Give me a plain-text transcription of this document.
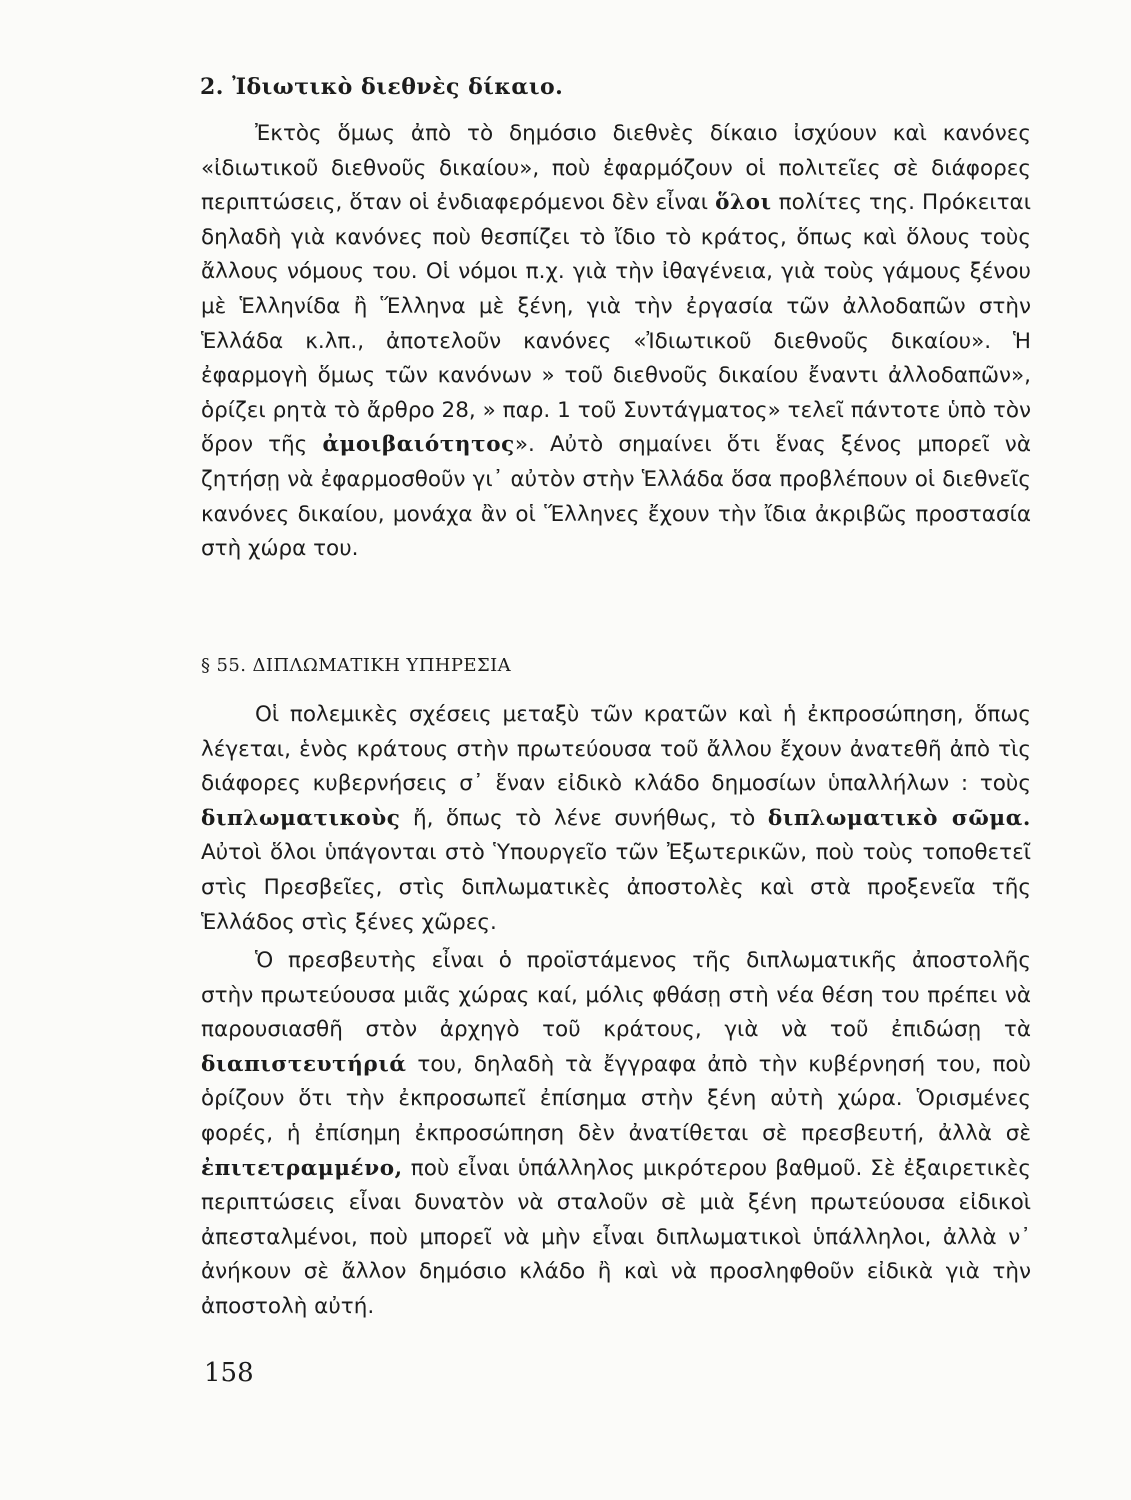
2. Ἰδιωτικὸ διεθνὲς δίκαιο.

Ἐκτὸς ὅμως ἀπὸ τὸ δημόσιο διεθνὲς δίκαιο ἰσχύουν καὶ κανόνες «ἰδιωτικοῦ διεθνοῦς δικαίου», ποὺ ἐφαρμόζουν οἱ πολιτεῖες σὲ διάφορες περιπτώσεις, ὅταν οἱ ἐνδιαφερόμενοι δὲν εἶναι ὅλοι πολίτες της. Πρόκειται δηλαδὴ γιὰ κανόνες ποὺ θεσπίζει τὸ ἴδιο τὸ κράτος, ὅπως καὶ ὅλους τοὺς ἄλλους νόμους του. Οἱ νόμοι π.χ. γιὰ τὴν ἰθαγένεια, γιὰ τοὺς γάμους ξένου μὲ Ἑλληνίδα ἢ Ἕλληνα μὲ ξένη, γιὰ τὴν ἐργασία τῶν ἀλλοδαπῶν στὴν Ἑλλάδα κ.λπ., ἀποτελοῦν κανόνες «Ἰδιωτικοῦ διεθνοῦς δικαίου». Ἡ ἐφαρμογὴ ὅμως τῶν κανόνων » τοῦ διεθνοῦς δικαίου ἔναντι ἀλλοδαπῶν», ὁρίζει ρητὰ τὸ ἄρθρο 28, » παρ. 1 τοῦ Συντάγματος» τελεῖ πάντοτε ὑπὸ τὸν ὅρον τῆς ἀμοιβαιότητος». Αὐτὸ σημαίνει ὅτι ἕνας ξένος μπορεῖ νὰ ζητήσῃ νὰ ἐφαρμοσθοῦν γι᾽ αὐτὸν στὴν Ἑλλάδα ὅσα προβλέπουν οἱ διεθνεῖς κανόνες δικαίου, μονάχα ἂν οἱ Ἕλληνες ἔχουν τὴν ἴδια ἀκριβῶς προστασία στὴ χώρα του.

§ 55. ΔΙΠΛΩΜΑΤΙΚΗ ΥΠΗΡΕΣΙΑ

Οἱ πολεμικὲς σχέσεις μεταξὺ τῶν κρατῶν καὶ ἡ ἐκπροσώπηση, ὅπως λέγεται, ἑνὸς κράτους στὴν πρωτεύουσα τοῦ ἄλλου ἔχουν ἀνατεθῆ ἀπὸ τὶς διάφορες κυβερνήσεις σ᾽ ἕναν εἰδικὸ κλάδο δημοσίων ὑπαλλήλων : τοὺς διπλωματικοὺς ἤ, ὅπως τὸ λένε συνήθως, τὸ διπλωματικὸ σῶμα. Αὐτοὶ ὅλοι ὑπάγονται στὸ Ὑπουργεῖο τῶν Ἐξωτερικῶν, ποὺ τοὺς τοποθετεῖ στὶς Πρεσβεῖες, στὶς διπλωματικὲς ἀποστολὲς καὶ στὰ προξενεῖα τῆς Ἑλλάδος στὶς ξένες χῶρες.

Ὁ πρεσβευτὴς εἶναι ὁ προϊστάμενος τῆς διπλωματικῆς ἀποστολῆς στὴν πρωτεύουσα μιᾶς χώρας καί, μόλις φθάσῃ στὴ νέα θέση του πρέπει νὰ παρουσιασθῆ στὸν ἀρχηγὸ τοῦ κράτους, γιὰ νὰ τοῦ ἐπιδώσῃ τὰ διαπιστευτήριά του, δηλαδὴ τὰ ἔγγραφα ἀπὸ τὴν κυβέρνησή του, ποὺ ὁρίζουν ὅτι τὴν ἐκπροσωπεῖ ἐπίσημα στὴν ξένη αὐτὴ χώρα. Ὁρισμένες φορές, ἡ ἐπίσημη ἐκπροσώπηση δὲν ἀνατίθεται σὲ πρεσβευτή, ἀλλὰ σὲ ἐπιτετραμμένο, ποὺ εἶναι ὑπάλληλος μικρότερου βαθμοῦ. Σὲ ἐξαιρετικὲς περιπτώσεις εἶναι δυνατὸν νὰ σταλοῦν σὲ μιὰ ξένη πρωτεύουσα εἰδικοὶ ἀπεσταλμένοι, ποὺ μπορεῖ νὰ μὴν εἶναι διπλωματικοὶ ὑπάλληλοι, ἀλλὰ ν᾽ ἀνήκουν σὲ ἄλλον δημόσιο κλάδο ἢ καὶ νὰ προσληφθοῦν εἰδικὰ γιὰ τὴν ἀποστολὴ αὐτή.

158
